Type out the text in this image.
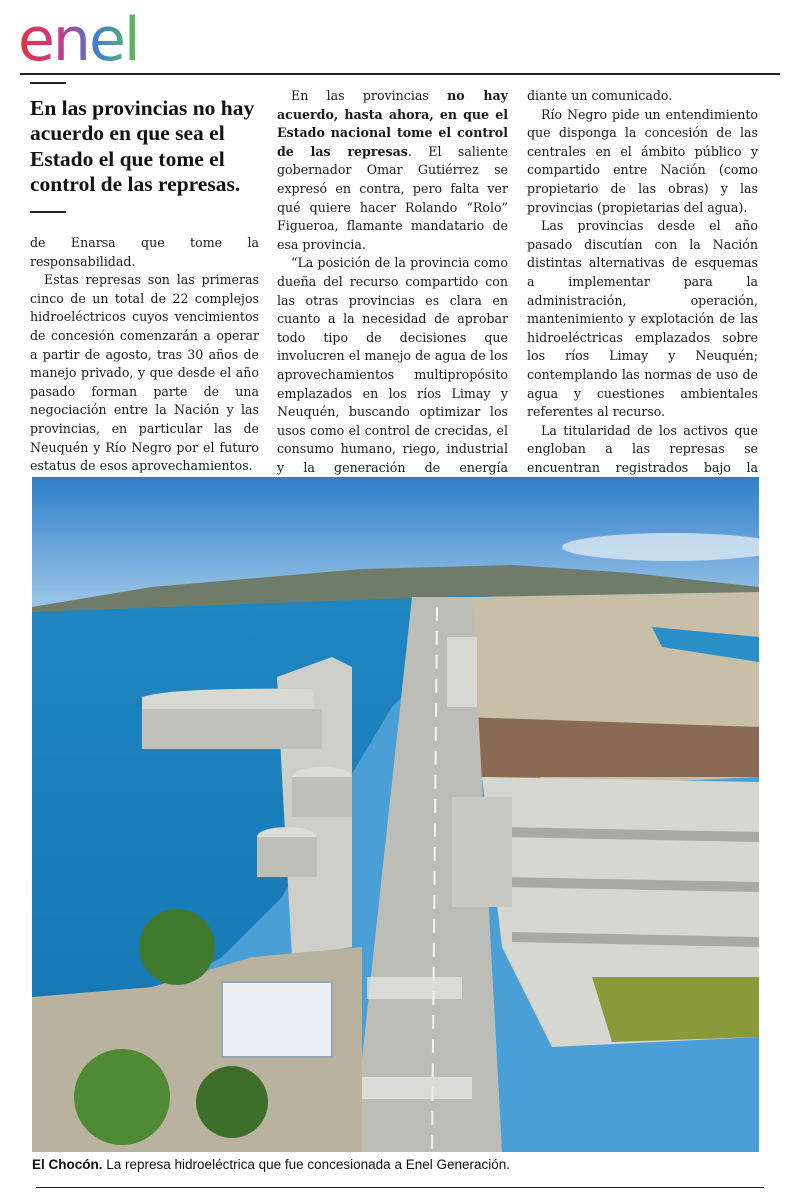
enel
En las provincias no hay acuerdo en que sea el Estado el que tome el control de las represas.

de Enarsa que tome la responsabilidad.

Estas represas son las primeras cinco de un total de 22 complejos hidroeléctricos cuyos vencimientos de concesión comenzarán a operar a partir de agosto, tras 30 años de manejo privado, y que desde el año pasado forman parte de una negociación entre la Nación y las provincias, en particular las de Neuquén y Río Negro por el futuro estatus de esos aprovechamientos.

En las provincias no hay acuerdo, hasta ahora, en que el Estado nacional tome el control de las represas. El saliente gobernador Omar Gutiérrez se expresó en contra, pero falta ver qué quiere hacer Rolando “Rolo” Figueroa, flamante mandatario de esa provincia.

“La posición de la provincia como dueña del recurso compartido con las otras provincias es clara en cuanto a la necesidad de aprobar todo tipo de decisiones que involucren el manejo de agua de los aprovechamientos multipropósito emplazados en los ríos Limay y Neuquén, buscando optimizar los usos como el control de crecidas, el consumo humano, riego, industrial y la generación de energía

diante un comunicado.

Río Negro pide un entendimiento que disponga la concesión de las centrales en el ámbito público y compartido entre Nación (como propietario de las obras) y las provincias (propietarias del agua).

Las provincias desde el año pasado discutían con la Nación distintas alternativas de esquemas a implementar para la administración, operación, mantenimiento y explotación de las hidroeléctricas emplazados sobre los ríos Limay y Neuquén; contemplando las normas de uso de agua y cuestiones ambientales referentes al recurso.

La titularidad de los activos que engloban a las represas se encuentran registrados bajo la

El Chocón. La represa hidroeléctrica que fue concesionada a Enel Generación.
